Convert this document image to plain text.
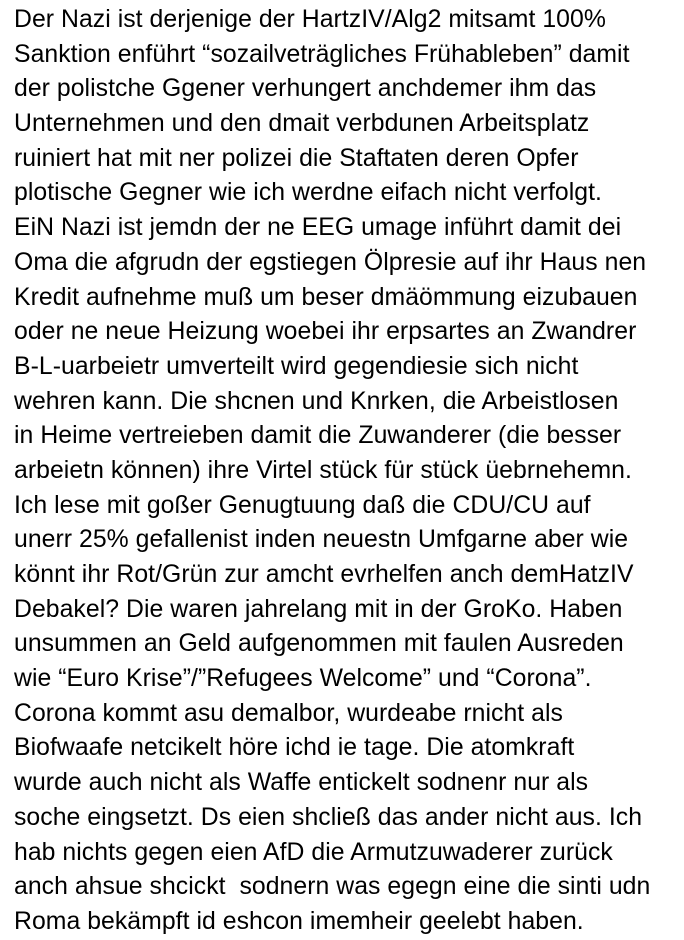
Der Nazi ist derjenige der HartzIV/Alg2 mitsamt 100%
Sanktion enführt “sozailveträgliches Frühableben” damit
der polistche Ggener verhungert anchdemer ihm das
Unternehmen und den dmait verbdunen Arbeitsplatz
ruiniert hat mit ner polizei die Staftaten deren Opfer
plotische Gegner wie ich werdne eifach nicht verfolgt.
EiN Nazi ist jemdn der ne EEG umage inführt damit dei
Oma die afgrudn der egstiegen Ölpresie auf ihr Haus nen
Kredit aufnehme muß um beser dmäömmung eizubauen
oder ne neue Heizung woebei ihr erpsartes an Zwandrer
B-L-uarbeietr umverteilt wird gegendiesie sich nicht
wehren kann. Die shcnen und Knrken, die Arbeistlosen
in Heime vertreieben damit die Zuwanderer (die besser
arbeietn können) ihre Virtel stück für stück üebrnehemn.
Ich lese mit goßer Genugtuung daß die CDU/CU auf
unerr 25% gefallenist inden neuestn Umfgarne aber wie
könnt ihr Rot/Grün zur amcht evrhelfen anch demHatzIV
Debakel? Die waren jahrelang mit in der GroKo. Haben
unsummen an Geld aufgenommen mit faulen Ausreden
wie “Euro Krise”/”Refugees Welcome” und “Corona”.
Corona kommt asu demalbor, wurdeabe rnicht als
Biofwaafe netcikelt höre ichd ie tage. Die atomkraft
wurde auch nicht als Waffe entickelt sodnenr nur als
soche eingsetzt. Ds eien shcließ das ander nicht aus. Ich
hab nichts gegen eien AfD die Armutzuwaderer zurück
anch ahsue shcickt  sodnern was egegn eine die sinti udn
Roma bekämpft id eshcon imemheir geelebt haben.
